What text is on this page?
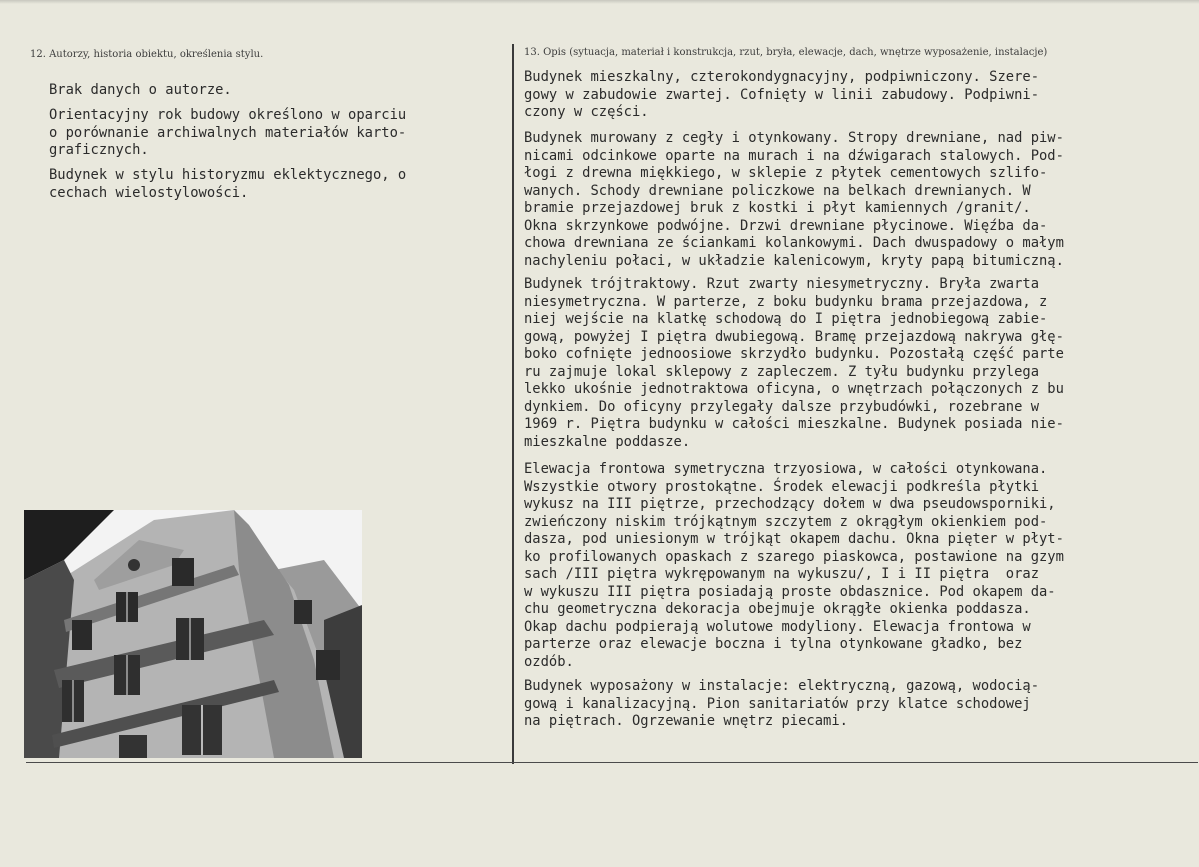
12. Autorzy, historia obiektu, określenia stylu.	13. Opis (sytuacja, materiał i konstrukcja, rzut, bryła, elewacje, dach, wnętrze wyposażenie, instalacje)
Brak danych o autorze.
Orientacyjny rok budowy określono w oparciu
o porównanie archiwalnych materiałów karto-
graficznych.
Budynek w stylu historyzmu eklektycznego, o
cechach wielostylowości.
Budynek mieszkalny, czterokondygnacyjny, podpiwniczony. Szere-
gowy w zabudowie zwartej. Cofnięty w linii zabudowy. Podpiwni-
czony w części.
Budynek murowany z cegły i otynkowany. Stropy drewniane, nad piw-
nicami odcinkowe oparte na murach i na dźwigarach stalowych. Pod-
łogi z drewna miękkiego, w sklepie z płytek cementowych szlifo-
wanych. Schody drewniane policzkowe na belkach drewnianych. W
bramie przejazdowej bruk z kostki i płyt kamiennych /granit/.
Okna skrzynkowe podwójne. Drzwi drewniane płycinowe. Więźba da-
chowa drewniana ze ściankami kolankowymi. Dach dwuspadowy o małym
nachyleniu połaci, w układzie kalenicowym, kryty papą bitumiczną.
Budynek trójtraktowy. Rzut zwarty niesymetryczny. Bryła zwarta
niesymetryczna. W parterze, z boku budynku brama przejazdowa, z
niej wejście na klatkę schodową do I piętra jednobiegową zabie-
gową, powyżej I piętra dwubiegową. Bramę przejazdową nakrywa głę-
boko cofnięte jednoosiowe skrzydło budynku. Pozostałą część parte
ru zajmuje lokal sklepowy z zapleczem. Z tyłu budynku przylega
lekko ukośnie jednotraktowa oficyna, o wnętrzach połączonych z bu
dynkiem. Do oficyny przylegały dalsze przybudówki, rozebrane w
1969 r. Piętra budynku w całości mieszkalne. Budynek posiada nie-
mieszkalne poddasze.
Elewacja frontowa symetryczna trzyosiowa, w całości otynkowana.
Wszystkie otwory prostokątne. Środek elewacji podkreśla płytki
wykusz na III piętrze, przechodzący dołem w dwa pseudowsporniki,
zwieńczony niskim trójkątnym szczytem z okrągłym okienkiem pod-
dasza, pod uniesionym w trójkąt okapem dachu. Okna pięter w płyt-
ko profilowanych opaskach z szarego piaskowca, postawione na gzym
sach /III piętra wykrępowanym na wykuszu/, I i II piętra  oraz
w wykuszu III piętra posiadają proste obdasznice. Pod okapem da-
chu geometryczna dekoracja obejmuje okrągłe okienka poddasza.
Okap dachu podpierają wolutowe modyliony. Elewacja frontowa w
parterze oraz elewacje boczna i tylna otynkowane gładko, bez
ozdób.
Budynek wyposażony w instalacje: elektryczną, gazową, wodocią-
gową i kanalizacyjną. Pion sanitariatów przy klatce schodowej
na piętrach. Ogrzewanie wnętrz piecami.
